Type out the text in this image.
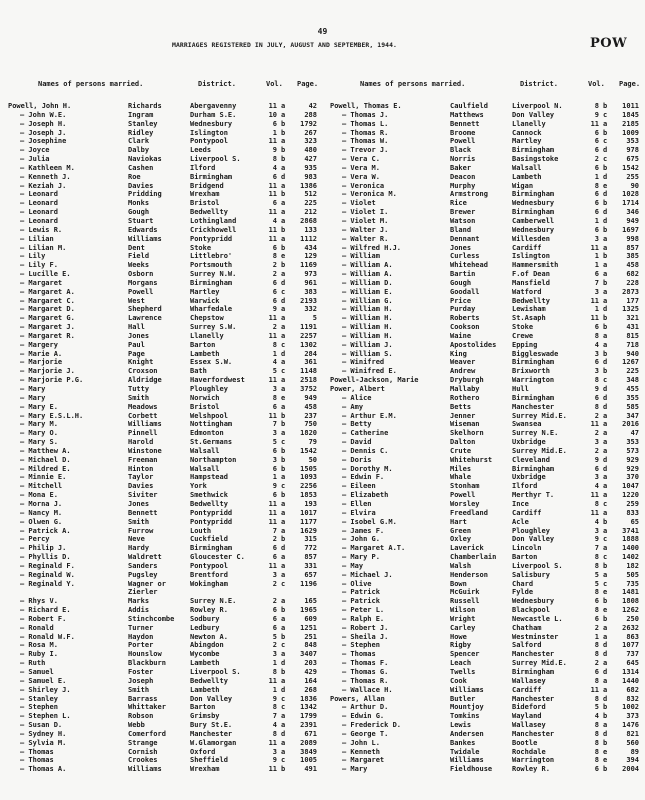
49
MARRIAGES REGISTERED IN JULY, AUGUST AND SEPTEMBER, 1944.	POW
Names of persons married.	District.	Vol. Page.
Powell, John H.	Richards	Abergavenny	11 a	42
— John W.E.	Ingram	Durham S.E.	10 a	288
— Joseph H.	Stanley	Wednesbury	6 b	1792
— Joseph J.	Ridley	Islington	1 b	267
— Josephine	Clark	Pontypool	11 a	323
— Joyce	Dalby	Leeds	9 b	480
— Julia	Naviokas	Liverpool S.	8 b	427
— Kathleen M.	Cashen	Ilford	4 a	935
— Kenneth J.	Roe	Birmingham	6 d	983
— Keziah J.	Davies	Bridgend	11 a	1386
— Leonard	Pridding	Wrexham	11 b	512
— Leonard	Monks	Bristol	6 a	225
— Leonard	Gough	Bedwellty	11 a	212
— Leonard	Stuart	Lothingland	4 a	2868
— Lewis R.	Edwards	Crickhowell	11 b	133
— Lilian	Williams	Pontypridd	11 a	1112
— Lilian M.	Dent	Stoke	6 b	434
— Lily	Field	Littlebro'	8 e	129
— Lily F.	Weeks	Portsmouth	2 b	1169
— Lucille E.	Osborn	Surrey N.W.	2 a	973
— Margaret	Morgans	Birmingham	6 d	961
— Margaret A.	Powell	Martley	6 c	383
— Margaret C.	West	Warwick	6 d	2193
— Margaret D.	Shepherd	Wharfedale	9 a	332
— Margaret G.	Lawrence	Chepstow	11 a	5
— Margaret J.	Hall	Surrey S.W.	2 a	1191
— Margaret R.	Jones	Llanelly	11 a	2257
— Margery	Paul	Barton	8 c	1302
— Marie A.	Page	Lambeth	1 d	284
— Marjorie	Knight	Essex S.W.	4 a	361
— Marjorie J.	Croxson	Bath	5 c	1148
— Marjorie P.G.	Aldridge	Haverfordwest	11 a	2518
— Mary	Tutty	Ploughley	3 a	3752
— Mary	Smith	Norwich	8 e	949
— Mary E.	Meadows	Bristol	6 a	458
— Mary E.S.L.H.	Corbett	Welshpool	11 b	237
— Mary M.	Williams	Nottingham	7 b	750
— Mary O.	Pinnell	Edmonton	3 a	1820
— Mary S.	Harold	St.Germans	5 c	79
— Matthew A.	Winstone	Walsall	6 b	1542
— Michael D.	Freeman	Northampton	3 b	50
— Mildred E.	Hinton	Walsall	6 b	1505
— Minnie E.	Taylor	Hampstead	1 a	1093
— Mitchell	Davies	York	9 c	2256
— Mona E.	Siviter	Smethwick	6 b	1853
— Morna J.	Jones	Bedwellty	11 a	193
— Nancy M.	Bennett	Pontypridd	11 a	1017
— Olwen G.	Smith	Pontypridd	11 a	1177
— Patrick A.	Furrow	Louth	7 a	1629
— Percy	Neve	Cuckfield	2 b	315
— Philip J.	Hardy	Birmingham	6 d	772
— Phyllis D.	Waldrett	Gloucester C.	6 a	857
— Reginald F.	Sanders	Pontypool	11 a	331
— Reginald W.	Pugsley	Brentford	3 a	657
— Reginald Y.	Wagner or	Wokingham	2 c	1196
Zierler
— Rhys V.	Marks	Surrey N.E.	2 a	165
— Richard E.	Addis	Rowley R.	6 b	1965
— Robert F.	Stinchcombe Sodbury	6 a	609
— Ronald	Turner	Ledbury	6 a	1251
— Ronald W.F.	Haydon	Newton A.	5 b	251
— Rosa M.	Porter	Abingdon	2 c	848
— Ruby I.	Hounslow	Wycombe	3 a	3407
— Ruth	Blackburn	Lambeth	1 d	203
— Samuel	Foster	Liverpool S.	8 b	429
— Samuel E.	Joseph	Bedwellty	11 a	164
— Shirley J.	Smith	Lambeth	1 d	268
— Stanley	Barrass	Don Valley	9 c	1836
— Stephen	Whittaker	Barton	8 c	1342
— Stephen L.	Robson	Grimsby	7 a	1799
— Susan D.	Webb	Bury St.E.	4 a	2391
— Sydney H.	Comerford	Manchester	8 d	671
— Sylvia M.	Strange	W.Glamorgan	11 a	2089
— Thomas	Cornish	Oxford	3 a	3849
— Thomas	Crookes	Sheffield	9 c	1005
— Thomas A.	Williams	Wrexham	11 b	491
Names of persons married.	District.	Vol. Page.
Powell, Thomas E.	Caulfield	Liverpool N.	8 b	1011
— Thomas J.	Matthews	Don Valley	9 c	1845
— Thomas L.	Bennett	Llanelly	11 a	2185
— Thomas R.	Broome	Cannock	6 b	1009
— Thomas W.	Powell	Martley	6 c	353
— Trevor J.	Black	Birmingham	6 d	978
— Vera C.	Norris	Basingstoke	2 c	675
— Vera M.	Baker	Walsall	6 b	1542
— Vera W.	Deacon	Lambeth	1 d	255
— Veronica	Murphy	Wigan	8 e	90
— Veronica M.	Armstrong	Birmingham	6 d	1028
— Violet	Rice	Wednesbury	6 b	1714
— Violet I.	Brewer	Birmingham	6 d	346
— Violet M.	Watson	Camberwell	1 d	949
— Walter J.	Bland	Wednesbury	6 b	1697
— Walter R.	Dennant	Willesden	3 a	998
— Wilfred H.J.	Jones	Cardiff	11 a	857
— William	Curless	Islington	1 b	385
— William A.	Whitehead	Hammersmith	1 a	458
— William A.	Bartin	F.of Dean	6 a	682
— William D.	Gough	Mansfield	7 b	228
— William E.	Goodall	Watford	3 a	2873
— William G.	Price	Bedwellty	11 a	177
— William H.	Purday	Lewisham	1 d	1325
— William H.	Roberts	St.Asaph	11 b	321
— William H.	Cookson	Stoke	6 b	431
— William H.	Waine	Crewe	8 a	815
— William J.	Apostolides Epping	4 a	718
— William S.	King	Biggleswade	3 b	940
— Winifred	Weaver	Birmingham	6 d	1267
— Winifred E.	Andrew	Brixworth	3 b	225
Powell-Jackson, Marie	Dryburgh	Warrington	8 c	348
Power, Albert	Mallaby	Hull	9 d	455
— Alice	Rothero	Birmingham	6 d	355
— Amy	Betts	Manchester	8 d	585
— Arthur E.M.	Jenner	Surrey Mid.E.	2 a	347
— Betty	Wiseman	Swansea	11 a	2016
— Catherine	Skelhorn	Surrey N.E.	2 a	47
— David	Dalton	Uxbridge	3 a	353
— Dennis C.	Crute	Surrey Mid.E.	2 a	573
— Doris	Whitehurst	Cleveland	9 d	929
— Dorothy M.	Miles	Birmingham	6 d	929
— Edwin F.	Whale	Uxbridge	3 a	370
— Eileen	Stonham	Ilford	4 a	1047
— Elizabeth	Powell	Merthyr T.	11 a	1220
— Ellen	Worsley	Ince	8 c	259
— Elvira	Freedland	Cardiff	11 a	833
— Isobel G.M.	Hart	Acle	4 b	65
— James F.	Green	Ploughley	3 a	3741
— John G.	Oxley	Don Valley	9 c	1888
— Margaret A.T.	Laverick	Lincoln	7 a	1400
— Mary P.	Chamberlain Barton	8 c	1402
— May	Walsh	Liverpool S.	8 b	182
— Michael J.	Henderson	Salisbury	5 a	505
— Olive	Bown	Chard	5 c	735
— Patrick	McGuirk	Fylde	8 e	1481
— Patrick	Russell	Wednesbury	6 b	1808
— Peter L.	Wilson	Blackpool	8 e	1262
— Ralph E.	Wright	Newcastle L.	6 b	250
— Robert J.	Carley	Chatham	2 a	2632
— Sheila J.	Howe	Westminster	1 a	863
— Stephen	Rigby	Salford	8 d	1077
— Thomas	Spencer	Manchester	8 d	737
— Thomas F.	Leach	Surrey Mid.E.	2 a	645
— Thomas G.	Twells	Birmingham	6 d	1314
— Thomas R.	Cook	Wallasey	8 a	1440
— Wallace H.	Williams	Cardiff	11 a	682
Powers, Allan	Butler	Manchester	8 d	832
— Arthur D.	Mountjoy	Bideford	5 b	1002
— Edwin G.	Tomkins	Wayland	4 b	373
— Frederick D.	Lewis	Wallasey	8 a	1476
— George T.	Andersen	Manchester	8 d	821
— John L.	Bankes	Bootle	8 b	560
— Kenneth	Twidale	Rochdale	8 e	89
— Margaret	Williams	Warrington	8 e	394
— Mary	Fieldhouse	Rowley R.	6 b	2004
